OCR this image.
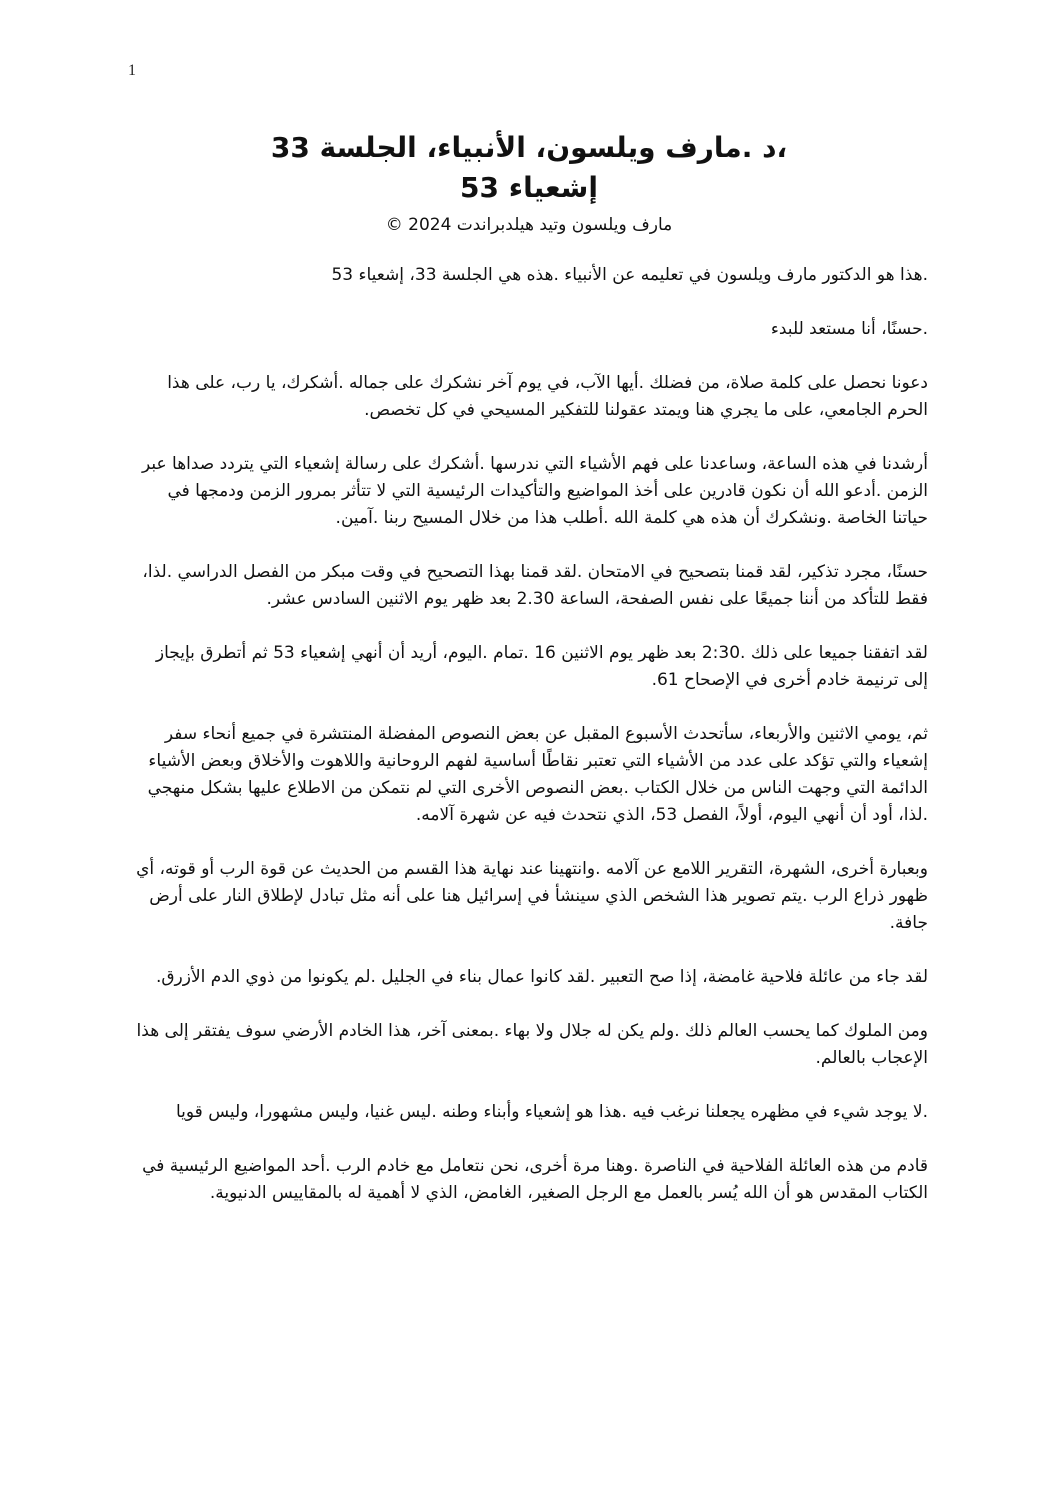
1
،د .مارف ويلسون، الأنبياء، الجلسة 33
إشعياء 53
مارف ويلسون وتيد هيلدبراندت 2024 ©

.هذا هو الدكتور مارف ويلسون في تعليمه عن الأنبياء .هذه هي الجلسة 33، إشعياء 53

.حسنًا، أنا مستعد للبدء

دعونا نحصل على كلمة صلاة، من فضلك .أيها الآب، في يوم آخر نشكرك على جماله .أشكرك، يا رب، على هذا الحرم الجامعي، على ما يجري هنا ويمتد عقولنا للتفكير المسيحي في كل تخصص.

أرشدنا في هذه الساعة، وساعدنا على فهم الأشياء التي ندرسها .أشكرك على رسالة إشعياء التي يتردد صداها عبر الزمن .أدعو الله أن نكون قادرين على أخذ المواضيع والتأكيدات الرئيسية التي لا تتأثر بمرور الزمن ودمجها في حياتنا الخاصة .ونشكرك أن هذه هي كلمة الله .أطلب هذا من خلال المسيح ربنا .آمين.

حسنًا، مجرد تذكير، لقد قمنا بتصحيح في الامتحان .لقد قمنا بهذا التصحيح في وقت مبكر من الفصل الدراسي .لذا، فقط للتأكد من أننا جميعًا على نفس الصفحة، الساعة 2.30 بعد ظهر يوم الاثنين السادس عشر.

لقد اتفقنا جميعا على ذلك .2:30 بعد ظهر يوم الاثنين 16 .تمام .اليوم، أريد أن أنهي إشعياء 53 ثم أتطرق بإيجاز إلى ترنيمة خادم أخرى في الإصحاح 61.

ثم، يومي الاثنين والأربعاء، سأتحدث الأسبوع المقبل عن بعض النصوص المفضلة المنتشرة في جميع أنحاء سفر إشعياء والتي تؤكد على عدد من الأشياء التي تعتبر نقاطًا أساسية لفهم الروحانية واللاهوت والأخلاق وبعض الأشياء الدائمة التي وجهت الناس من خلال الكتاب .بعض النصوص الأخرى التي لم نتمكن من الاطلاع عليها بشكل منهجي .لذا، أود أن أنهي اليوم، أولاً، الفصل 53، الذي نتحدث فيه عن شهرة آلامه.

وبعبارة أخرى، الشهرة، التقرير اللامع عن آلامه .وانتهينا عند نهاية هذا القسم من الحديث عن قوة الرب أو قوته، أي ظهور ذراع الرب .يتم تصوير هذا الشخص الذي سينشأ في إسرائيل هنا على أنه مثل تبادل لإطلاق النار على أرض جافة.

لقد جاء من عائلة فلاحية غامضة، إذا صح التعبير .لقد كانوا عمال بناء في الجليل .لم يكونوا من ذوي الدم الأزرق.

ومن الملوك كما يحسب العالم ذلك .ولم يكن له جلال ولا بهاء .بمعنى آخر، هذا الخادم الأرضي سوف يفتقر إلى هذا الإعجاب بالعالم.

.لا يوجد شيء في مظهره يجعلنا نرغب فيه .هذا هو إشعياء وأبناء وطنه .ليس غنيا، وليس مشهورا، وليس قويا

قادم من هذه العائلة الفلاحية في الناصرة .وهنا مرة أخرى، نحن نتعامل مع خادم الرب .أحد المواضيع الرئيسية في الكتاب المقدس هو أن الله يُسر بالعمل مع الرجل الصغير، الغامض، الذي لا أهمية له بالمقاييس الدنيوية.
